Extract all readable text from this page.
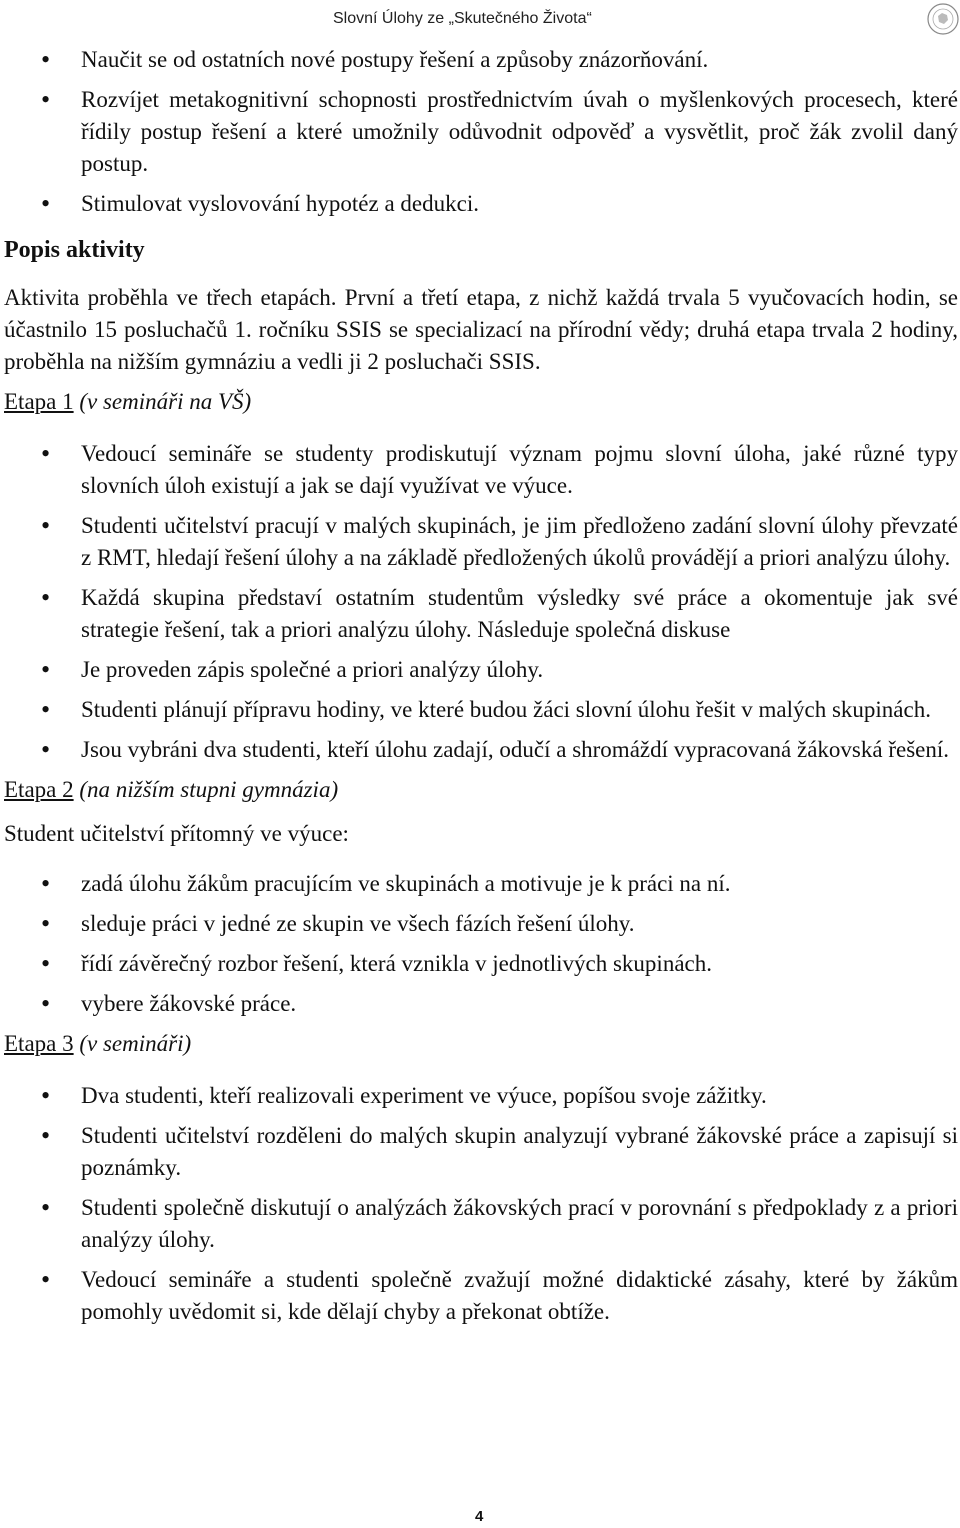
Slovní Úlohy ze „Skutečného Života“
• Naučit se od ostatních nové postupy řešení a způsoby znázorňování.
• Rozvíjet metakognitivní schopnosti prostřednictvím úvah o myšlenkových procesech, které řídily postup řešení a které umožnily odůvodnit odpověď a vysvětlit, proč žák zvolil daný postup.
• Stimulovat vyslovování hypotéz a dedukci.
Popis aktivity

Aktivita proběhla ve třech etapách. První a třetí etapa, z nichž každá trvala 5 vyučovacích hodin, se účastnilo 15 posluchačů 1. ročníku SSIS se specializací na přírodní vědy; druhá etapa trvala 2 hodiny, proběhla na nižším gymnáziu a vedli ji 2 posluchači SSIS.

Etapa 1 (v semináři na VŠ)
• Vedoucí semináře se studenty prodiskutují význam pojmu slovní úloha, jaké různé typy slovních úloh existují a jak se dají využívat ve výuce.
• Studenti učitelství pracují v malých skupinách, je jim předloženo zadání slovní úlohy převzaté z RMT, hledají řešení úlohy a na základě předložených úkolů provádějí a priori analýzu úlohy.
• Každá skupina představí ostatním studentům výsledky své práce a okomentuje jak své strategie řešení, tak a priori analýzu úlohy. Následuje společná diskuse
• Je proveden zápis společné a priori analýzy úlohy.
• Studenti plánují přípravu hodiny, ve které budou žáci slovní úlohu řešit v malých skupinách.
• Jsou vybráni dva studenti, kteří úlohu zadají, odučí a shromáždí vypracovaná žákovská řešení.
Etapa 2 (na nižším stupni gymnázia)

Student učitelství přítomný ve výuce:

• zadá úlohu žákům pracujícím ve skupinách a motivuje je k práci na ní.
• sleduje práci v jedné ze skupin ve všech fázích řešení úlohy.
• řídí závěrečný rozbor řešení, která vznikla v jednotlivých skupinách.
• vybere žákovské práce.
Etapa 3 (v semináři)
• Dva studenti, kteří realizovali experiment ve výuce, popíšou svoje zážitky.
• Studenti učitelství rozděleni do malých skupin analyzují vybrané žákovské práce a zapisují si poznámky.
• Studenti společně diskutují o analýzách žákovských prací v porovnání s předpoklady z a priori analýzy úlohy.
• Vedoucí semináře a studenti společně zvažují možné didaktické zásahy, které by žákům pomohly uvědomit si, kde dělají chyby a překonat obtíže.
4
